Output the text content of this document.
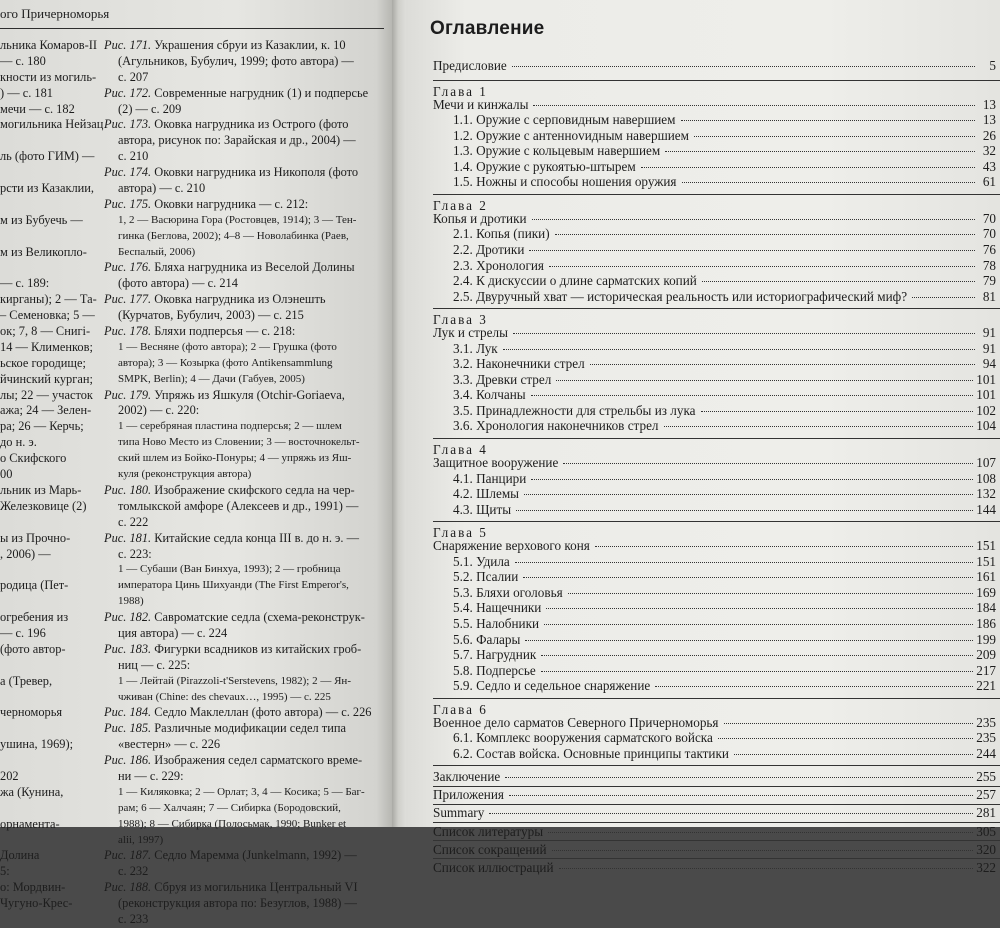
ого Причерноморья
льника Комаров-II
— с. 180
кности из могиль-
) — с. 181
мечи — с. 182
могильника Нейзац
ль (фото ГИМ) —
рсти из Казаклии,
м из Бубуечь —
м из Великопло-
— с. 189:
кирганы); 2 — Та-
– Семеновка; 5 —
ок; 7, 8 — Снигі-
14 — Клименков;
ьское городище;
йчинский курган;
лы; 22 — участок
ажа; 24 — Зелен-
ра; 26 — Керчь;
до н. э.
о Скифского
00
льник из Марь-
Железковице (2)
ы из Прочно-
, 2006) —
родица (Пет-
огребения из
— с. 196
(фото автор-
а (Тревер,
черноморья
ушина, 1969);
202
жа (Кунина,
орнамента-
Долина
5:
о: Мордвин-
Чугуно-Крес-
Рис. 171. Украшения сбруи из Казаклии, к. 10
(Агульников, Бубулич, 1999; фото автора) —
с. 207
Рис. 172. Современные нагрудник (1) и подперсье
(2) — с. 209
Рис. 173. Оковка нагрудника из Острого (фото
автора, рисунок по: Зарайская и др., 2004) —
с. 210
Рис. 174. Оковки нагрудника из Никополя (фото
автора) — с. 210
Рис. 175. Оковки нагрудника — с. 212:
1, 2 — Васюрина Гора (Ростовцев, 1914); 3 — Тен-
гинка (Беглова, 2002); 4–8 — Новолабинка (Раев,
Беспалый, 2006)
Рис. 176. Бляха нагрудника из Веселой Долины
(фото автора) — с. 214
Рис. 177. Оковка нагрудника из Олэнешть
(Курчатов, Бубулич, 2003) — с. 215
Рис. 178. Бляхи подперсья — с. 218:
1 — Весняне (фото автора); 2 — Грушка (фото
автора); 3 — Козырка (фото Antikensammlung
SMPK, Berlin); 4 — Дачи (Габуев, 2005)
Рис. 179. Упряжь из Яшкуля (Otchir-Goriaeva,
2002) — с. 220:
1 — серебряная пластина подперсья; 2 — шлем
типа Ново Место из Словении; 3 — восточнокельт-
ский шлем из Бойко-Понуры; 4 — упряжь из Яш-
куля (реконструкция автора)
Рис. 180. Изображение скифского седла на чер-
томлыкской амфоре (Алексеев и др., 1991) —
с. 222
Рис. 181. Китайские седла конца III в. до н. э. —
с. 223:
1 — Субаши (Ван Бинхуа, 1993); 2 — гробница
императора Цинь Шихуанди (The First Emperor's,
1988)
Рис. 182. Савроматские седла (схема-реконструк-
ция автора) — с. 224
Рис. 183. Фигурки всадников из китайских гроб-
ниц — с. 225:
1 — Лейтай (Pirazzoli-t'Serstevens, 1982); 2 — Ян-
чживан (Chine: des chevaux…, 1995) — с. 225
Рис. 184. Седло Маклеллан (фото автора) — с. 226
Рис. 185. Различные модификации седел типа
«вестерн» — с. 226
Рис. 186. Изображения седел сарматского време-
ни — с. 229:
1 — Киляковка; 2 — Орлат; 3, 4 — Косика; 5 — Баг-
рам; 6 — Халчаян; 7 — Сибирка (Бородовский,
1988); 8 — Сибирка (Полосьмак, 1990; Bunker et
alii, 1997)
Рис. 187. Седло Маремма (Junkelmann, 1992) —
с. 232
Рис. 188. Сбруя из могильника Центральный VI
(реконструкция автора по: Безуглов, 1988) —
с. 233
Оглавление
Предисловие	5
Глава 1
Мечи и кинжалы	13
1.1. Оружие с серповидным навершием	13
1.2. Оружие с антеннovидным навершием	26
1.3. Оружие с кольцевым навершием	32
1.4. Оружие с рукоятью-штырем	43
1.5. Ножны и способы ношения оружия	61
Глава 2
Копья и дротики	70
2.1. Копья (пики)	70
2.2. Дротики	76
2.3. Хронология	78
2.4. К дискуссии о длине сарматских копий	79
2.5. Двуручный хват — историческая реальность или историографический миф?	81
Глава 3
Лук и стрелы	91
3.1. Лук	91
3.2. Наконечники стрел	94
3.3. Древки стрел	101
3.4. Колчаны	101
3.5. Принадлежности для стрельбы из лука	102
3.6. Хронология наконечников стрел	104
Глава 4
Защитное вооружение	107
4.1. Панцири	108
4.2. Шлемы	132
4.3. Щиты	144
Глава 5
Снаряжение верхового коня	151
5.1. Удила	151
5.2. Псалии	161
5.3. Бляхи оголовья	169
5.4. Нащечники	184
5.5. Налобники	186
5.6. Фалары	199
5.7. Нагрудник	209
5.8. Подперсье	217
5.9. Седло и седельное снаряжение	221
Глава 6
Военное дело сарматов Северного Причерноморья	235
6.1. Комплекс вооружения сарматского войска	235
6.2. Состав войска. Основные принципы тактики	244
Заключение	255
Приложения	257
Summary	281
Список литературы	305
Список сокращений	320
Список иллюстраций	322
